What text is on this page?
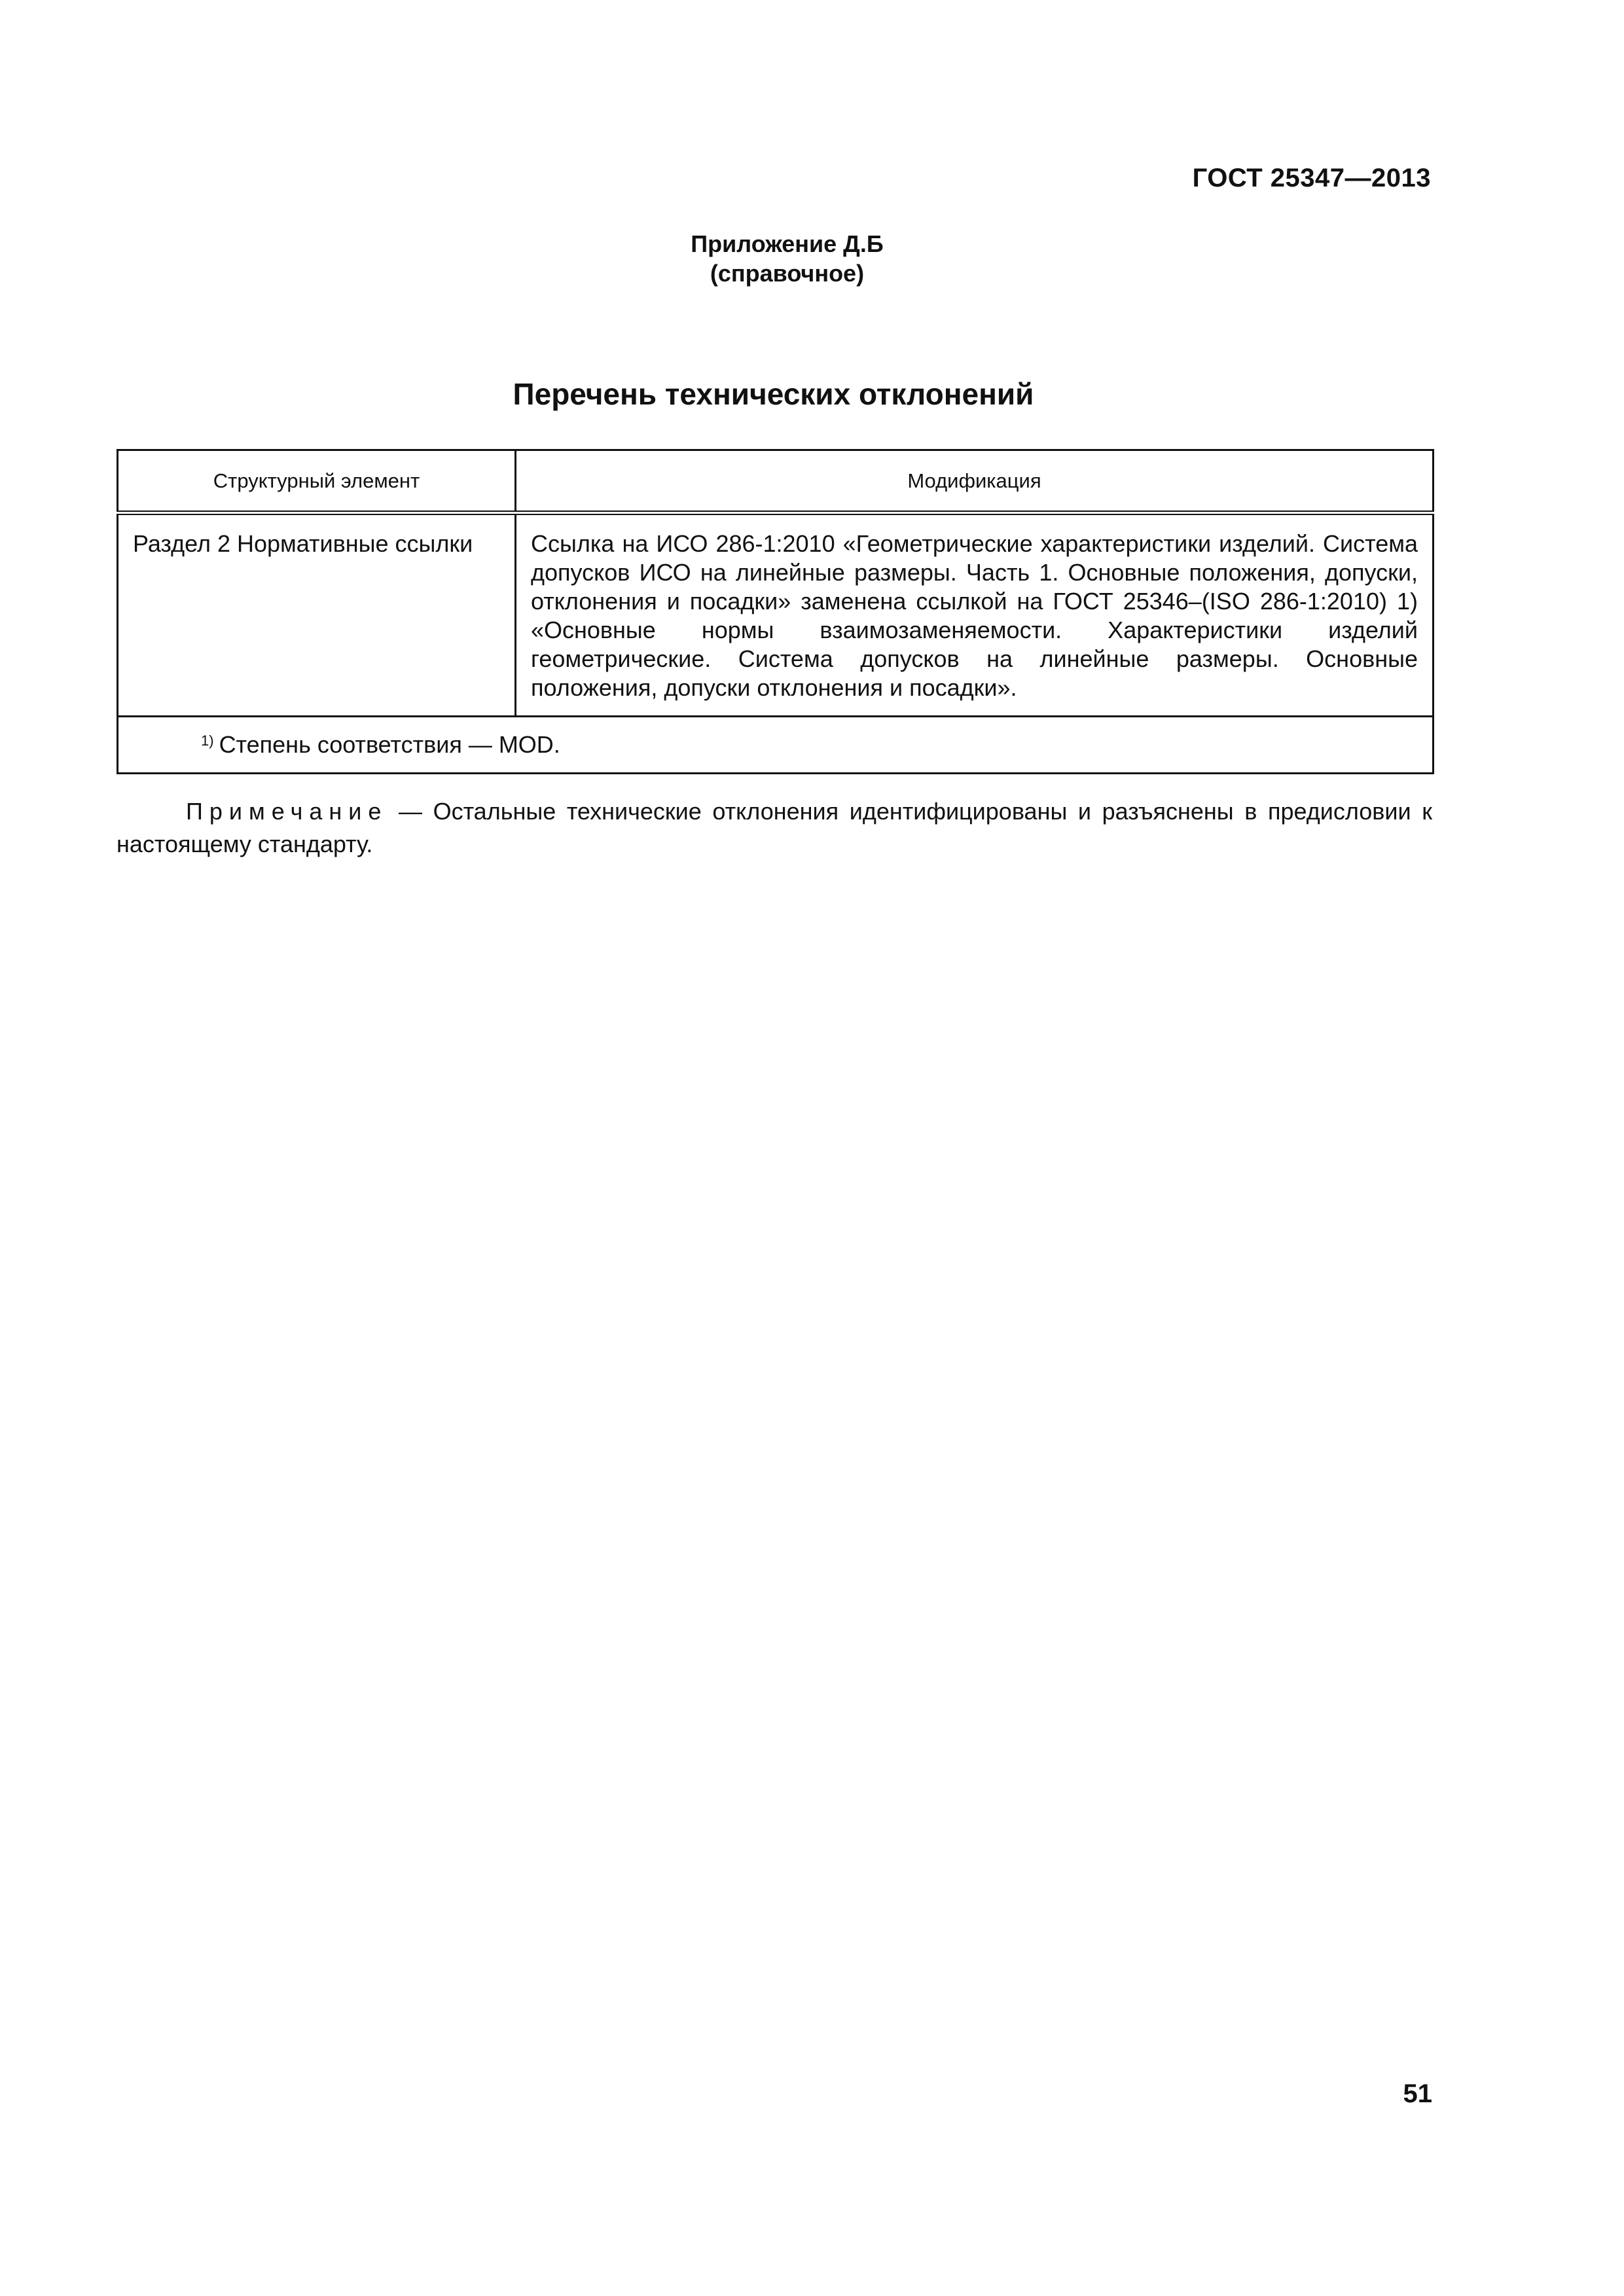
ГОСТ 25347—2013
Приложение Д.Б
(справочное)
Перечень технических отклонений
Структурный элемент	Модификация
Раздел 2 Нормативные ссылки	Ссылка на ИСО 286-1:2010 «Геометрические характеристики изделий. Система допусков ИСО на линейные размеры. Часть 1. Основные положения, допуски, отклонения и посадки» заменена ссылкой на ГОСТ 25346–(ISO 286-1:2010) 1) «Основные нормы взаимозаменяемости. Характеристики изделий геометрические. Система допусков на линейные размеры. Основные положения, допуски отклонения и посадки».
$^{1)}$ Степень соответствия — MOD.	
Примечание — Остальные технические отклонения идентифицированы и разъяснены в предисловии к настоящему стандарту.
51
